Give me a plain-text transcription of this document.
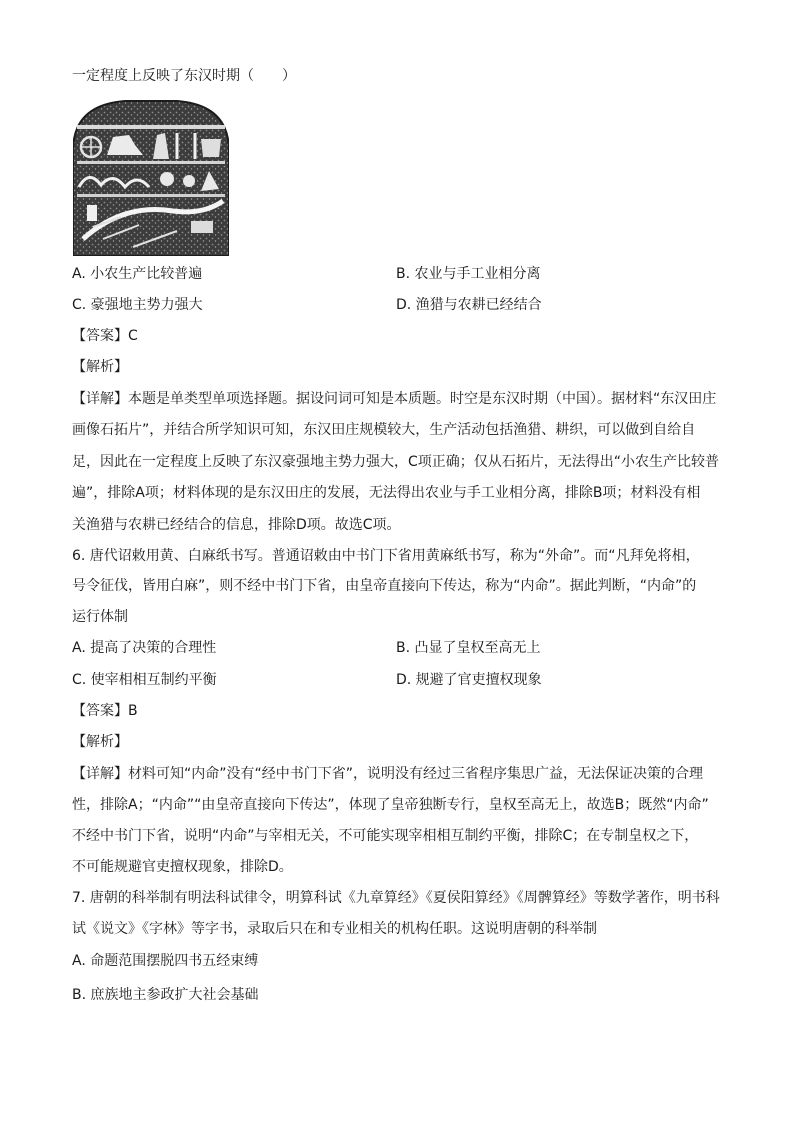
一定程度上反映了东汉时期（　　）
A. 小农生产比较普遍	B. 农业与手工业相分离
C. 豪强地主势力强大	D. 渔猎与农耕已经结合
【答案】C
【解析】
【详解】本题是单类型单项选择题。据设问词可知是本质题。时空是东汉时期（中国）。据材料“东汉田庄
画像石拓片”，并结合所学知识可知，东汉田庄规模较大，生产活动包括渔猎、耕织，可以做到自给自
足，因此在一定程度上反映了东汉豪强地主势力强大，C项正确；仅从石拓片，无法得出“小农生产比较普
遍”，排除A项；材料体现的是东汉田庄的发展，无法得出农业与手工业相分离，排除B项；材料没有相
关渔猎与农耕已经结合的信息，排除D项。故选C项。
6. 唐代诏敕用黄、白麻纸书写。普通诏敕由中书门下省用黄麻纸书写，称为“外命”。而“凡拜免将相，
号令征伐，皆用白麻”，则不经中书门下省，由皇帝直接向下传达，称为“内命”。据此判断，“内命”的
运行体制
A. 提高了决策的合理性	B. 凸显了皇权至高无上
C. 使宰相相互制约平衡	D. 规避了官吏擅权现象
【答案】B
【解析】
【详解】材料可知“内命”没有“经中书门下省”，说明没有经过三省程序集思广益，无法保证决策的合理
性，排除A；“内命”“由皇帝直接向下传达”，体现了皇帝独断专行，皇权至高无上，故选B；既然“内命”
不经中书门下省，说明“内命”与宰相无关，不可能实现宰相相互制约平衡，排除C；在专制皇权之下，
不可能规避官吏擅权现象，排除D。
7. 唐朝的科举制有明法科试律令，明算科试《九章算经》《夏侯阳算经》《周髀算经》等数学著作，明书科
试《说文》《字林》等字书，录取后只在和专业相关的机构任职。这说明唐朝的科举制
A. 命题范围摆脱四书五经束缚
B. 庶族地主参政扩大社会基础
